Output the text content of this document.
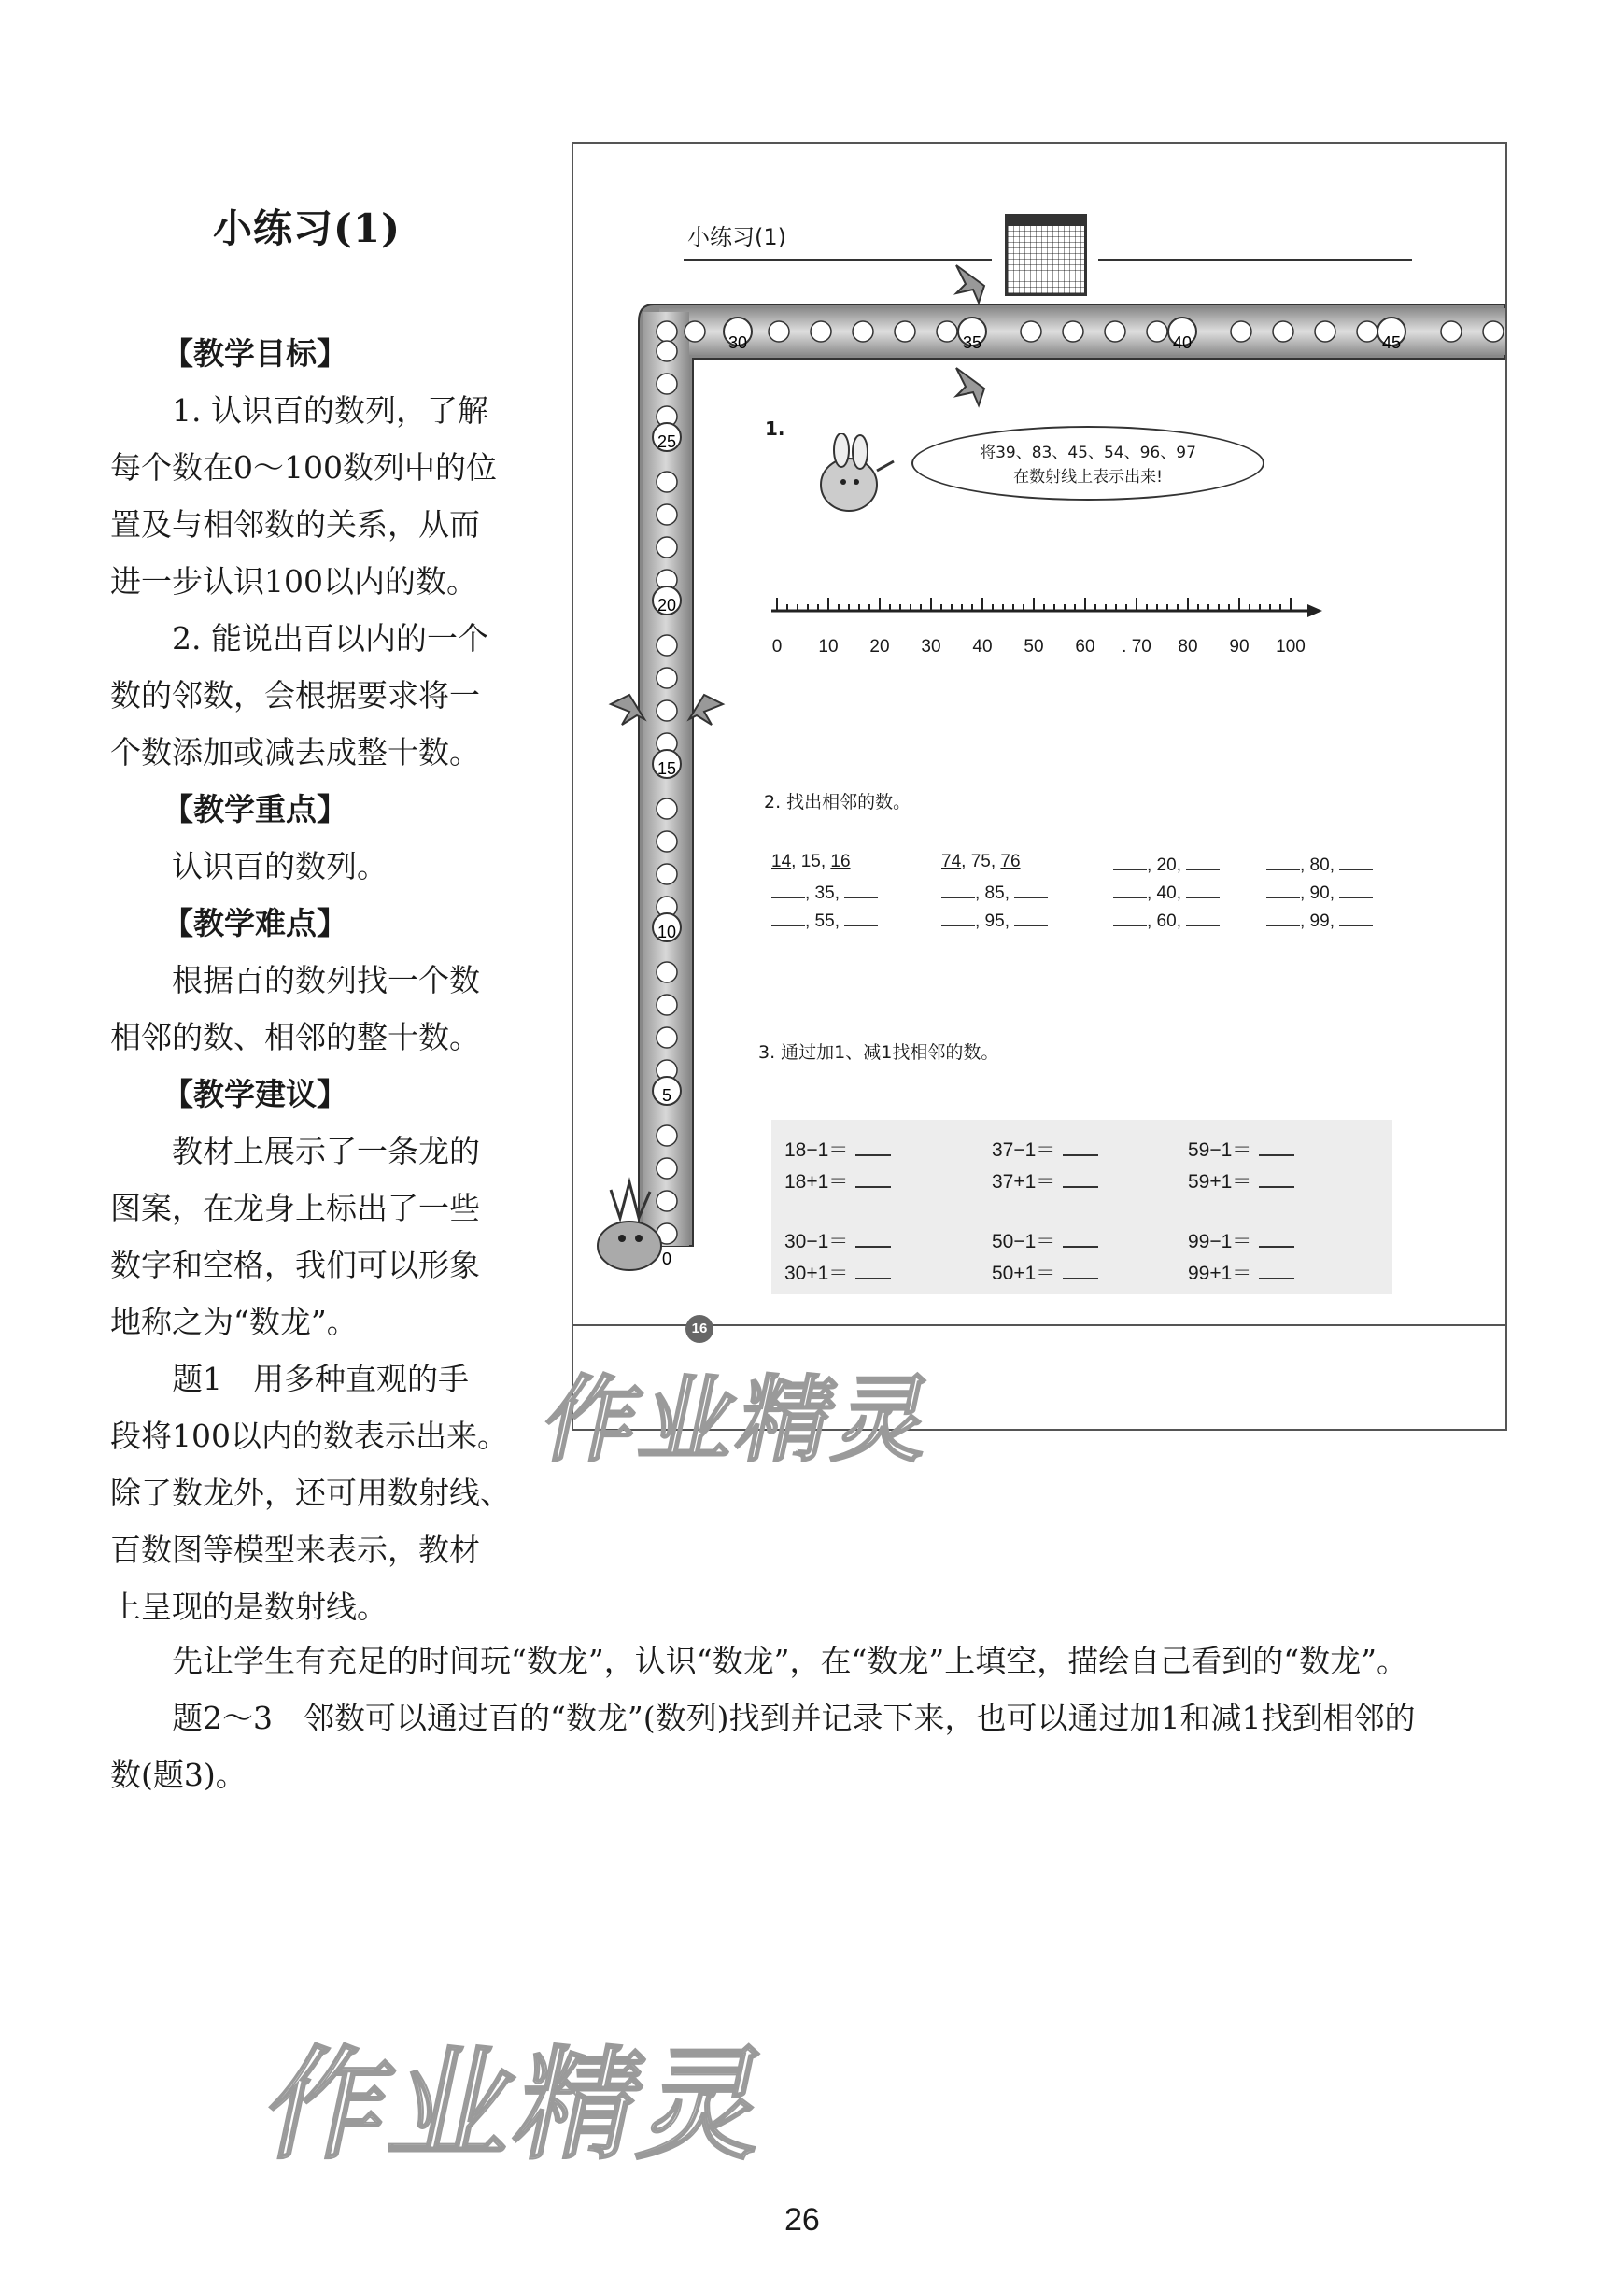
小练习(1)

【教学目标】

1. 认识百的数列，了解

每个数在0～100数列中的位

置及与相邻数的关系，从而

进一步认识100以内的数。

2. 能说出百以内的一个

数的邻数，会根据要求将一

个数添加或减去成整十数。

【教学重点】

认识百的数列。

【教学难点】

根据百的数列找一个数

相邻的数、相邻的整十数。

【教学建议】

教材上展示了一条龙的

图案，在龙身上标出了一些

数字和空格，我们可以形象

地称之为“数龙”。

题1　用多种直观的手

段将100以内的数表示出来。

除了数龙外，还可用数射线、

百数图等模型来表示，教材

上呈现的是数射线。

小练习(1)
30	35	40	45
25
20
15
10
5
0
1.
将39、83、45、54、96、97
在数射线上表示出来!
0 10 20 30 40 50 60 . 70 80 90 100
2. 找出相邻的数。
14, 15, 16	74, 75, 76	, 20,	, 80,
, 35,	, 85,	, 40,	, 90,
, 55,	, 95,	, 60,	, 99,
3. 通过加1、减1找相邻的数。
18−1＝	37−1＝	59−1＝
18+1＝	37+1＝	59+1＝
30−1＝	50−1＝	99−1＝
30+1＝	50+1＝	99+1＝
16
作业精灵

先让学生有充足的时间玩“数龙”，认识“数龙”，在“数龙”上填空，描绘自己看到的“数龙”。

题2～3　邻数可以通过百的“数龙”(数列)找到并记录下来，也可以通过加1和减1找到相邻的

数(题3)。

作业精灵
26
